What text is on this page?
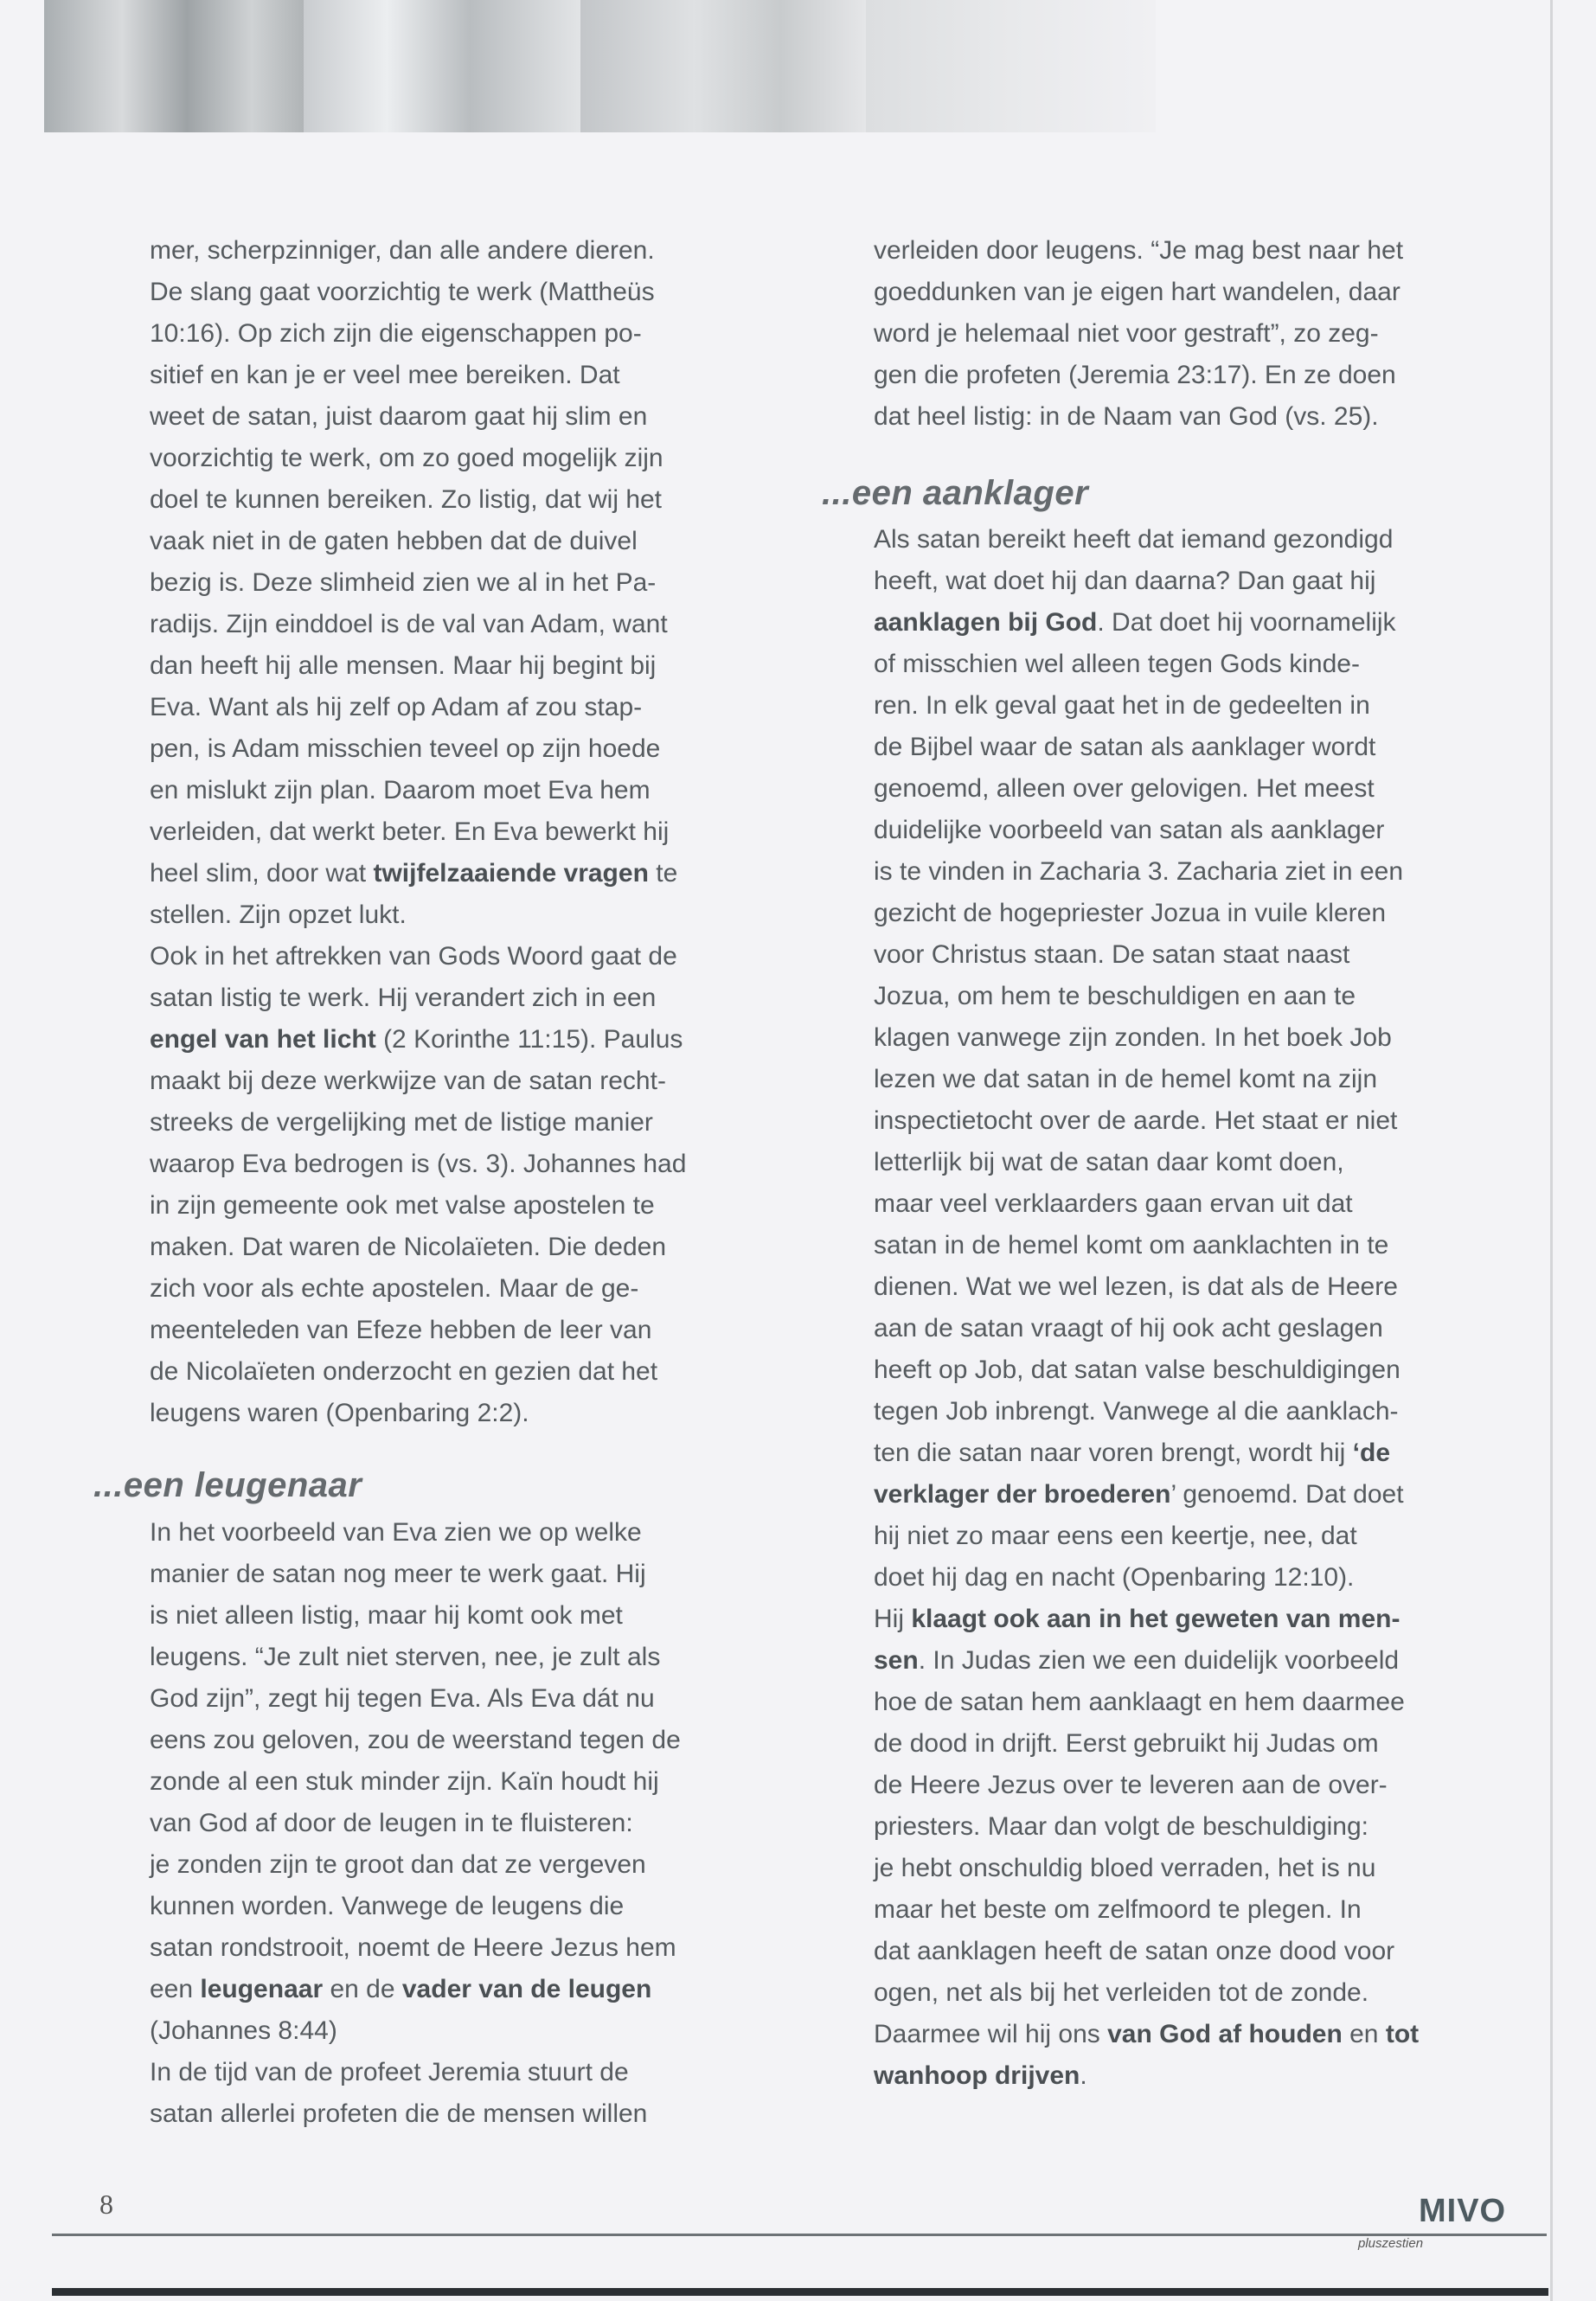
mer, scherpzinniger, dan alle andere dieren.
De slang gaat voorzichtig te werk (Mattheüs
10:16). Op zich zijn die eigenschappen po-
sitief en kan je er veel mee bereiken. Dat
weet de satan, juist daarom gaat hij slim en
voorzichtig te werk, om zo goed mogelijk zijn
doel te kunnen bereiken. Zo listig, dat wij het
vaak niet in de gaten hebben dat de duivel
bezig is. Deze slimheid zien we al in het Pa-
radijs. Zijn einddoel is de val van Adam, want
dan heeft hij alle mensen. Maar hij begint bij
Eva. Want als hij zelf op Adam af zou stap-
pen, is Adam misschien teveel op zijn hoede
en mislukt zijn plan. Daarom moet Eva hem
verleiden, dat werkt beter. En Eva bewerkt hij
heel slim, door wat twijfelzaaiende vragen te
stellen. Zijn opzet lukt.
Ook in het aftrekken van Gods Woord gaat de
satan listig te werk. Hij verandert zich in een
engel van het licht (2 Korinthe 11:15). Paulus
maakt bij deze werkwijze van de satan recht-
streeks de vergelijking met de listige manier
waarop Eva bedrogen is (vs. 3). Johannes had
in zijn gemeente ook met valse apostelen te
maken. Dat waren de Nicolaïeten. Die deden
zich voor als echte apostelen. Maar de ge-
meenteleden van Efeze hebben de leer van
de Nicolaïeten onderzocht en gezien dat het
leugens waren (Openbaring 2:2).
...een leugenaar
In het voorbeeld van Eva zien we op welke
manier de satan nog meer te werk gaat. Hij
is niet alleen listig, maar hij komt ook met
leugens. “Je zult niet sterven, nee, je zult als
God zijn”, zegt hij tegen Eva. Als Eva dát nu
eens zou geloven, zou de weerstand tegen de
zonde al een stuk minder zijn. Kaïn houdt hij
van God af door de leugen in te fluisteren:
je zonden zijn te groot dan dat ze vergeven
kunnen worden. Vanwege de leugens die
satan rondstrooit, noemt de Heere Jezus hem
een leugenaar en de vader van de leugen
(Johannes 8:44)
In de tijd van de profeet Jeremia stuurt de
satan allerlei profeten die de mensen willen
verleiden door leugens. “Je mag best naar het
goeddunken van je eigen hart wandelen, daar
word je helemaal niet voor gestraft”, zo zeg-
gen die profeten (Jeremia 23:17). En ze doen
dat heel listig: in de Naam van God (vs. 25).
...een aanklager
Als satan bereikt heeft dat iemand gezondigd
heeft, wat doet hij dan daarna? Dan gaat hij
aanklagen bij God. Dat doet hij voornamelijk
of misschien wel alleen tegen Gods kinde-
ren. In elk geval gaat het in de gedeelten in
de Bijbel waar de satan als aanklager wordt
genoemd, alleen over gelovigen. Het meest
duidelijke voorbeeld van satan als aanklager
is te vinden in Zacharia 3. Zacharia ziet in een
gezicht de hogepriester Jozua in vuile kleren
voor Christus staan. De satan staat naast
Jozua, om hem te beschuldigen en aan te
klagen vanwege zijn zonden. In het boek Job
lezen we dat satan in de hemel komt na zijn
inspectietocht over de aarde. Het staat er niet
letterlijk bij wat de satan daar komt doen,
maar veel verklaarders gaan ervan uit dat
satan in de hemel komt om aanklachten in te
dienen. Wat we wel lezen, is dat als de Heere
aan de satan vraagt of hij ook acht geslagen
heeft op Job, dat satan valse beschuldigingen
tegen Job inbrengt. Vanwege al die aanklach-
ten die satan naar voren brengt, wordt hij ‘de
verklager der broederen’ genoemd. Dat doet
hij niet zo maar eens een keertje, nee, dat
doet hij dag en nacht (Openbaring 12:10).
Hij klaagt ook aan in het geweten van men-
sen. In Judas zien we een duidelijk voorbeeld
hoe de satan hem aanklaagt en hem daarmee
de dood in drijft. Eerst gebruikt hij Judas om
de Heere Jezus over te leveren aan de over-
priesters. Maar dan volgt de beschuldiging:
je hebt onschuldig bloed verraden, het is nu
maar het beste om zelfmoord te plegen. In
dat aanklagen heeft de satan onze dood voor
ogen, net als bij het verleiden tot de zonde.
Daarmee wil hij ons van God af houden en tot
wanhoop drijven.
8	MIVO
pluszestien
